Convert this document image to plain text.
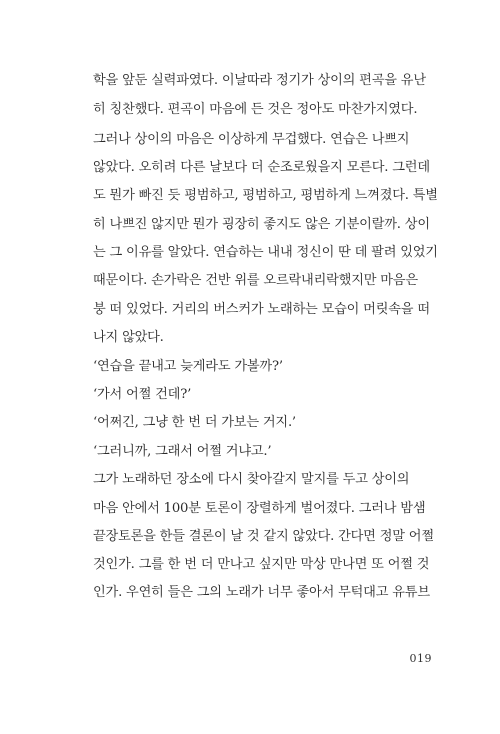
학을 앞둔 실력파였다. 이날따라 정기가 상이의 편곡을 유난
히 칭찬했다. 편곡이 마음에 든 것은 정아도 마찬가지였다.
그러나 상이의 마음은 이상하게 무겁했다. 연습은 나쁘지
않았다. 오히려 다른 날보다 더 순조로웠을지 모른다. 그런데
도 뭔가 빠진 듯 평범하고, 평범하고, 평범하게 느껴졌다. 특별
히 나쁘진 않지만 뭔가 굉장히 좋지도 않은 기분이랄까. 상이
는 그 이유를 알았다. 연습하는 내내 정신이 딴 데 팔려 있었기
때문이다. 손가락은 건반 위를 오르락내리락했지만 마음은
붕 떠 있었다. 거리의 버스커가 노래하는 모습이 머릿속을 떠
나지 않았다.
‘연습을 끝내고 늦게라도 가볼까?’
‘가서 어쩔 건데?’
‘어쩌긴, 그냥 한 번 더 가보는 거지.’
‘그러니까, 그래서 어쩔 거냐고.’
그가 노래하던 장소에 다시 찾아갈지 말지를 두고 상이의
마음 안에서 100분 토론이 장렬하게 벌어졌다. 그러나 밤샘
끝장토론을 한들 결론이 날 것 같지 않았다. 간다면 정말 어쩔
것인가. 그를 한 번 더 만나고 싶지만 막상 만나면 또 어쩔 것
인가. 우연히 들은 그의 노래가 너무 좋아서 무턱대고 유튜브
019
